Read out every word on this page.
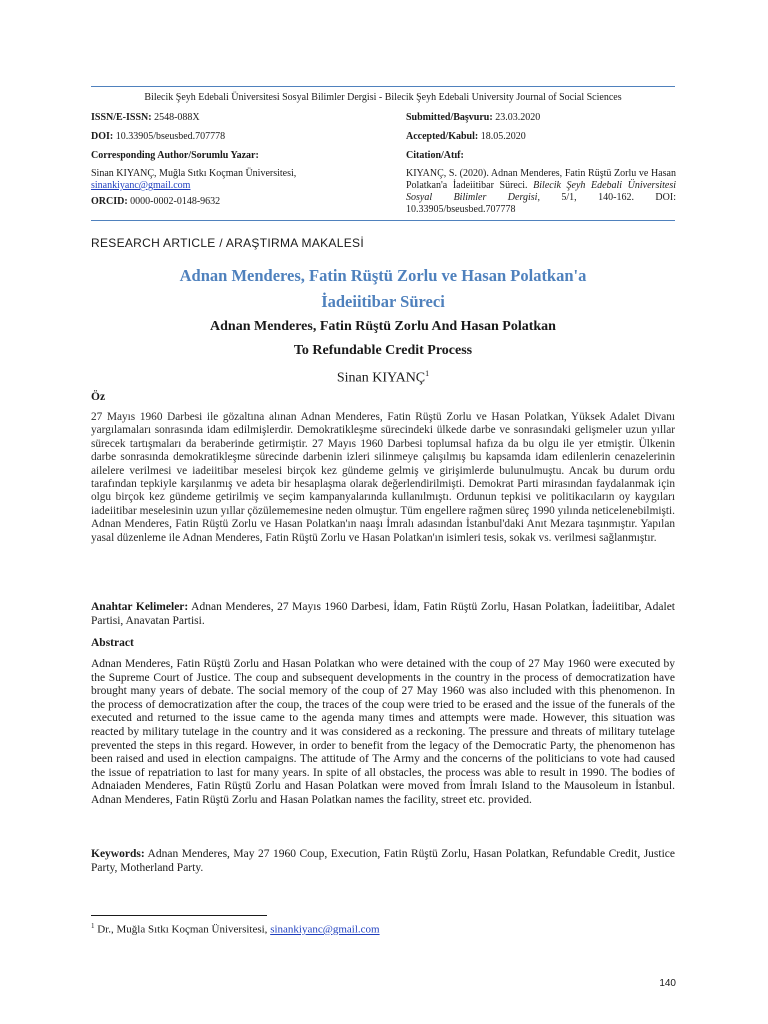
Bilecik Şeyh Edebali Üniversitesi Sosyal Bilimler Dergisi - Bilecik Şeyh Edebali University Journal of Social Sciences
ISSN/E-ISSN: 2548-088X	Submitted/Başvuru: 23.03.2020
DOI: 10.33905/bseusbed.707778	Accepted/Kabul: 18.05.2020
Corresponding Author/Sorumlu Yazar:	Citation/Atıf:
Sinan KIYANÇ, Muğla Sıtkı Koçman Üniversitesi,
sinankiyanc@gmail.com
ORCID: 0000-0002-0148-9632
KIYANÇ, S. (2020). Adnan Menderes, Fatin Rüştü Zorlu ve Hasan Polatkan'a İadeiitibar Süreci. Bilecik Şeyh Edebali Üniversitesi Sosyal Bilimler Dergisi, 5/1, 140-162. DOI: 10.33905/bseusbed.707778
RESEARCH ARTICLE / ARAŞTIRMA MAKALESİ
Adnan Menderes, Fatin Rüştü Zorlu ve Hasan Polatkan'a
İadeiitibar Süreci
Adnan Menderes, Fatin Rüştü Zorlu And Hasan Polatkan
To Refundable Credit Process
Sinan KIYANÇ$^1$
Öz

27 Mayıs 1960 Darbesi ile gözaltına alınan Adnan Menderes, Fatin Rüştü Zorlu ve Hasan Polatkan, Yüksek Adalet Divanı yargılamaları sonrasında idam edilmişlerdir. Demokratikleşme sürecindeki ülkede darbe ve sonrasındaki gelişmeler uzun yıllar sürecek tartışmaları da beraberinde getirmiştir. 27 Mayıs 1960 Darbesi toplumsal hafıza da bu olgu ile yer etmiştir. Ülkenin darbe sonrasında demokratikleşme sürecinde darbenin izleri silinmeye çalışılmış bu kapsamda idam edilenlerin cenazelerinin ailelere verilmesi ve iadeiitibar meselesi birçok kez gündeme gelmiş ve girişimlerde bulunulmuştu. Ancak bu durum ordu tarafından tepkiyle karşılanmış ve adeta bir hesaplaşma olarak değerlendirilmişti. Demokrat Parti mirasından faydalanmak için olgu birçok kez gündeme getirilmiş ve seçim kampanyalarında kullanılmıştı. Ordunun tepkisi ve politikacıların oy kaygıları iadeiitibar meselesinin uzun yıllar çözülememesine neden olmuştur. Tüm engellere rağmen süreç 1990 yılında neticelenebilmişti. Adnan Menderes, Fatin Rüştü Zorlu ve Hasan Polatkan'ın naaşı İmralı adasından İstanbul'daki Anıt Mezara taşınmıştır. Yapılan yasal düzenleme ile Adnan Menderes, Fatin Rüştü Zorlu ve Hasan Polatkan'ın isimleri tesis, sokak vs. verilmesi sağlanmıştır.

Anahtar Kelimeler: Adnan Menderes, 27 Mayıs 1960 Darbesi, İdam, Fatin Rüştü Zorlu, Hasan Polatkan, İadeiitibar, Adalet Partisi, Anavatan Partisi.

Abstract

Adnan Menderes, Fatin Rüştü Zorlu and Hasan Polatkan who were detained with the coup of 27 May 1960 were executed by the Supreme Court of Justice. The coup and subsequent developments in the country in the process of democratization have brought many years of debate. The social memory of the coup of 27 May 1960 was also included with this phenomenon. In the process of democratization after the coup, the traces of the coup were tried to be erased and the issue of the funerals of the executed and returned to the issue came to the agenda many times and attempts were made. However, this situation was reacted by military tutelage in the country and it was considered as a reckoning. The pressure and threats of military tutelage prevented the steps in this regard. However, in order to benefit from the legacy of the Democratic Party, the phenomenon has been raised and used in election campaigns. The attitude of The Army and the concerns of the politicians to vote had caused the issue of repatriation to last for many years. In spite of all obstacles, the process was able to result in 1990. The bodies of Adnaiaden Menderes, Fatin Rüştü Zorlu and Hasan Polatkan were moved from İmralı Island to the Mausoleum in İstanbul. Adnan Menderes, Fatin Rüştü Zorlu and Hasan Polatkan names the facility, street etc. provided.

Keywords: Adnan Menderes, May 27 1960 Coup, Execution, Fatin Rüştü Zorlu, Hasan Polatkan, Refundable Credit, Justice Party, Motherland Party.

$^1$ Dr., Muğla Sıtkı Koçman Üniversitesi, sinankiyanc@gmail.com
140
